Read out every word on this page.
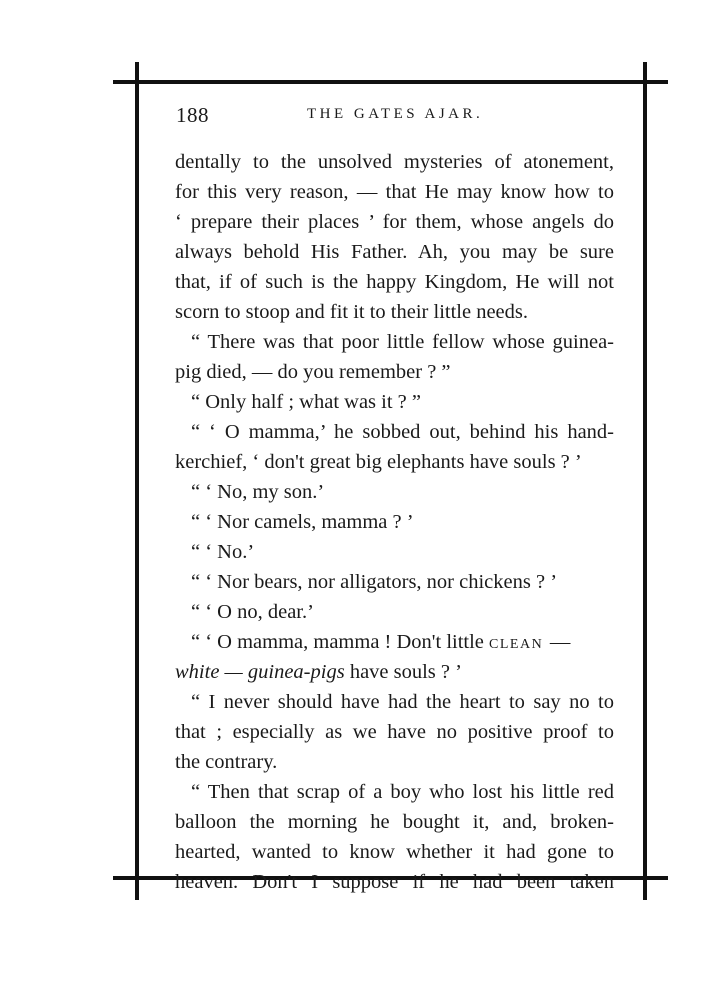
188	THE GATES AJAR.
dentally to the unsolved mysteries of atonement,
for this very reason, — that He may know how to
‘ prepare their places ’ for them, whose angels do
always behold His Father. Ah, you may be sure
that, if of such is the happy Kingdom, He will not
scorn to stoop and fit it to their little needs.
“ There was that poor little fellow whose guinea-
pig died, — do you remember ? ”
“ Only half ; what was it ? ”
“ ‘ O mamma,’ he sobbed out, behind his hand-
kerchief, ‘ don't great big elephants have souls ? ’
“ ‘ No, my son.’
“ ‘ Nor camels, mamma ? ’
“ ‘ No.’
“ ‘ Nor bears, nor alligators, nor chickens ? ’
“ ‘ O no, dear.’
“ ‘ O mamma, mamma ! Don't little clean —
white — guinea-pigs have souls ? ’
“ I never should have had the heart to say no to
that ; especially as we have no positive proof to
the contrary.
“ Then that scrap of a boy who lost his little red
balloon the morning he bought it, and, broken-
hearted, wanted to know whether it had gone to
heaven. Don't I suppose if he had been taken
